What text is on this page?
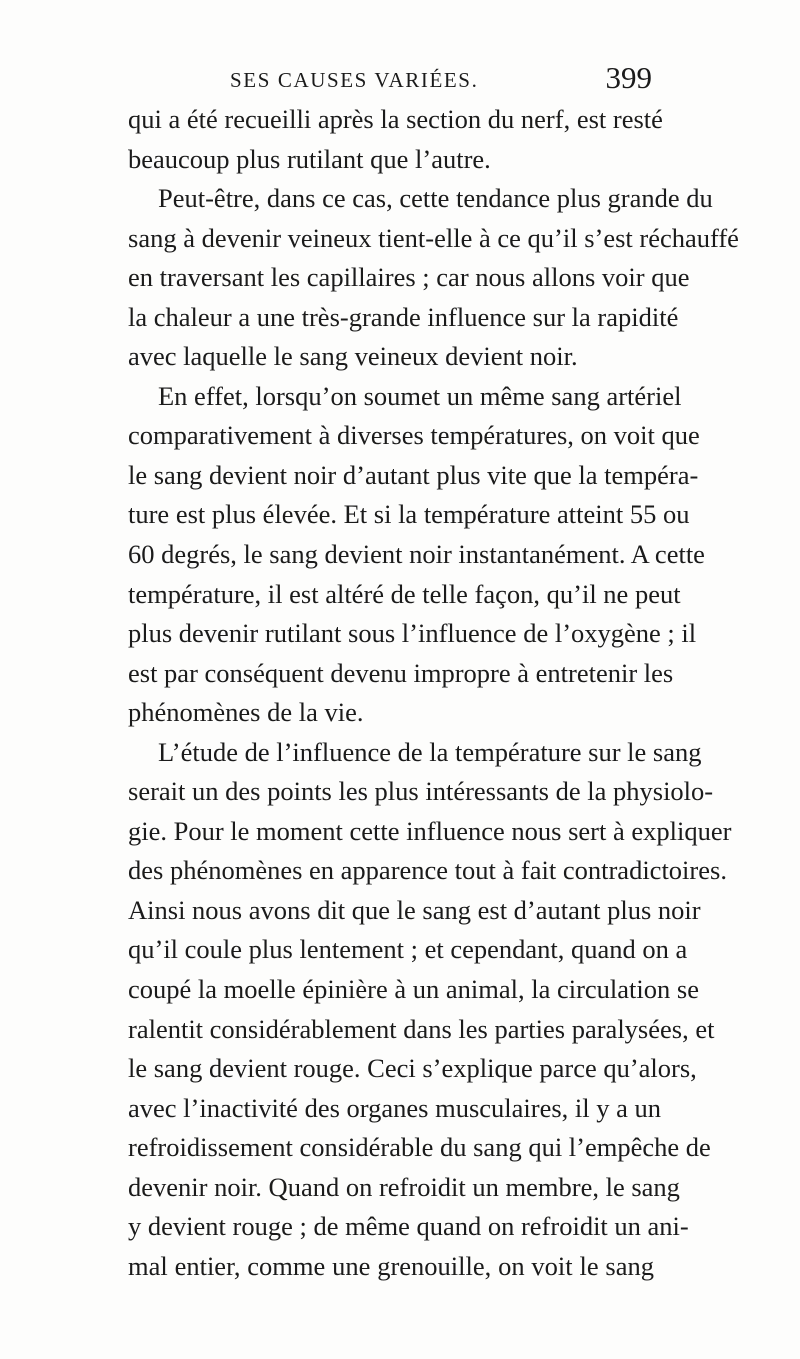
SES CAUSES VARIÉES.	399
qui a été recueilli après la section du nerf, est resté
beaucoup plus rutilant que l’autre.
Peut-être, dans ce cas, cette tendance plus grande du
sang à devenir veineux tient-elle à ce qu’il s’est réchauffé
en traversant les capillaires ; car nous allons voir que
la chaleur a une très-grande influence sur la rapidité
avec laquelle le sang veineux devient noir.
En effet, lorsqu’on soumet un même sang artériel
comparativement à diverses températures, on voit que
le sang devient noir d’autant plus vite que la tempéra-
ture est plus élevée. Et si la température atteint 55 ou
60 degrés, le sang devient noir instantanément. A cette
température, il est altéré de telle façon, qu’il ne peut
plus devenir rutilant sous l’influence de l’oxygène ; il
est par conséquent devenu impropre à entretenir les
phénomènes de la vie.
L’étude de l’influence de la température sur le sang
serait un des points les plus intéressants de la physiolo-
gie. Pour le moment cette influence nous sert à expliquer
des phénomènes en apparence tout à fait contradictoires.
Ainsi nous avons dit que le sang est d’autant plus noir
qu’il coule plus lentement ; et cependant, quand on a
coupé la moelle épinière à un animal, la circulation se
ralentit considérablement dans les parties paralysées, et
le sang devient rouge. Ceci s’explique parce qu’alors,
avec l’inactivité des organes musculaires, il y a un
refroidissement considérable du sang qui l’empêche de
devenir noir. Quand on refroidit un membre, le sang
y devient rouge ; de même quand on refroidit un ani-
mal entier, comme une grenouille, on voit le sang
